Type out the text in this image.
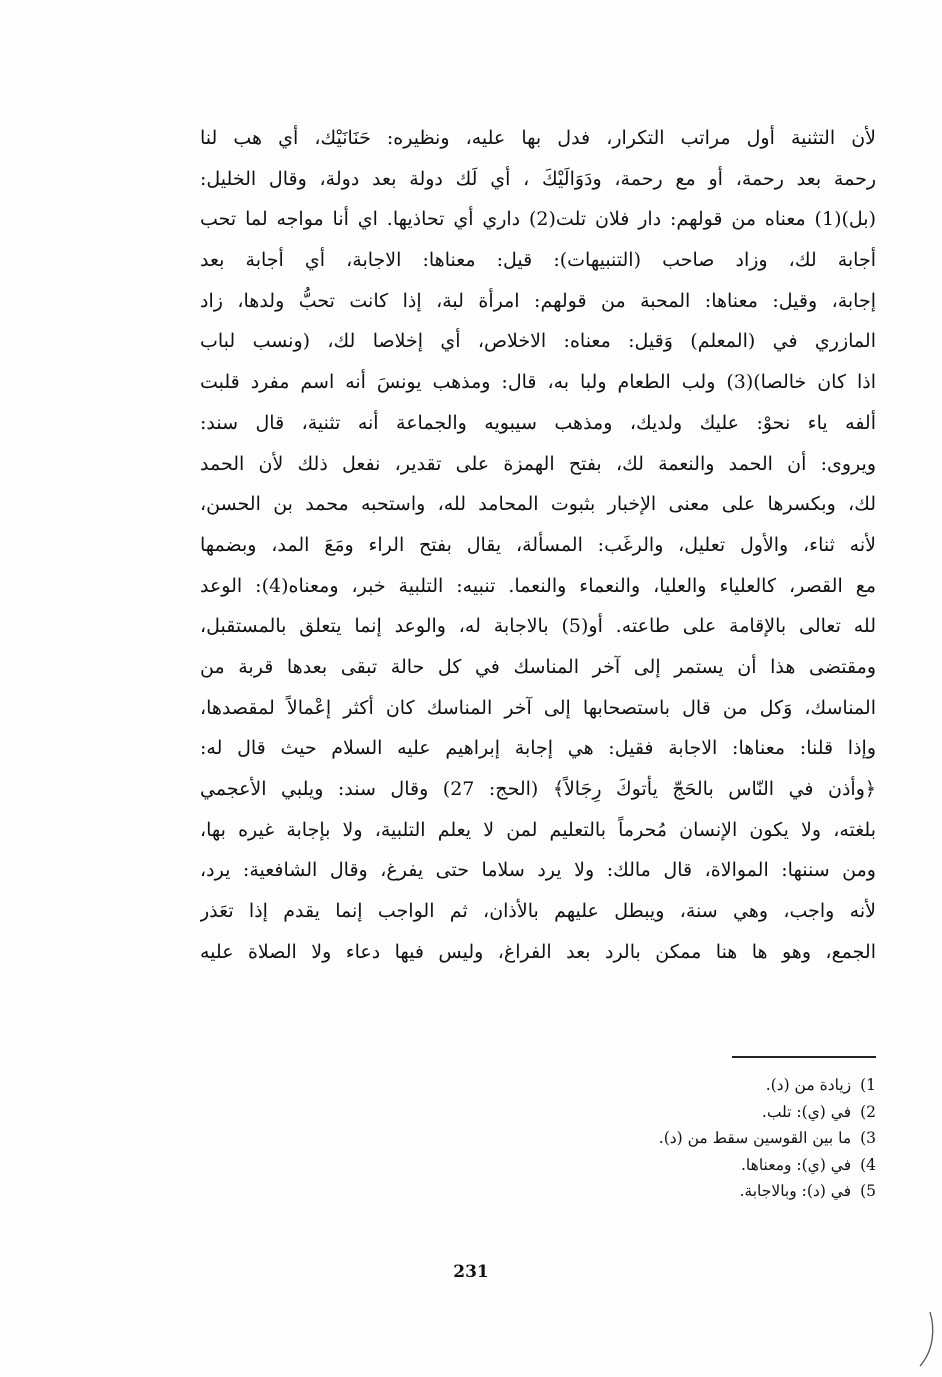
لأن التثنية أول مراتب التكرار، فدل بها عليه، ونظيره: حَنَانَيْك، أي هب لنا
رحمة بعد رحمة، أو مع رحمة، ودَوَالَيْكَ ، أي لَك دولة بعد دولة، وقال الخليل:
(بل)(1) معناه من قولهم: دار فلان تلت(2) داري أي تحاذيها. اي أنا مواجه لما تحب
أجابة لك، وزاد صاحب (التنبيهات): قيل: معناها: الاجابة، أي أجابة بعد
إجابة، وقيل: معناها: المحبة من قولهم: امرأة لبة، إذا كانت تحبُّ ولدها، زاد
المازري في (المعلم) وَقيل: معناه: الاخلاص، أي إخلاصا لك، (ونسب لباب
اذا كان خالصا)(3) ولب الطعام ولبا به، قال: ومذهب يونسَ أنه اسم مفرد قلبت
ألفه ياء نحوْ: عليك ولديك، ومذهب سيبويه والجماعة أنه تثنية، قال سند:
ويروى: أن الحمد والنعمة لك، بفتح الهمزة على تقدير، نفعل ذلك لأن الحمد
لك، وبكسرها على معنى الإخبار بثبوت المحامد لله، واستحبه محمد بن الحسن،
لأنه ثناء، والأول تعليل، والرغَب: المسألة، يقال بفتح الراء ومَعَ المد، وبضمها
مع القصر، كالعلياء والعليا، والنعماء والنعما. تنبيه: التلبية خبر، ومعناه(4): الوعد
لله تعالى بالإقامة على طاعته. أو(5) بالاجابة له، والوعد إنما يتعلق بالمستقبل،
ومقتضى هذا أن يستمر إلى آخر المناسك في كل حالة تبقى بعدها قربة من
المناسك، وَكل من قال باستصحابها إلى آخر المناسك كان أكثر إعْمالاً لمقصدها،
وإذا قلنا: معناها: الاجابة فقيل: هي إجابة إبراهيم عليه السلام حيث قال له:
﴿وأذن في النّاس بالحَجّ يأتوكَ رِجَالاً﴾ (الحج: 27) وقال سند: ويلبي الأعجمي
بلغته، ولا يكون الإنسان مُحرماً بالتعليم لمن لا يعلم التلبية، ولا بإجابة غيره بها،
ومن سننها: الموالاة، قال مالك: ولا يرد سلاما حتى يفرغ، وقال الشافعية: يرد،
لأنه واجب، وهي سنة، ويبطل عليهم بالأذان، ثم الواجب إنما يقدم إذا تعَذر
الجمع، وهو ها هنا ممكن بالرد بعد الفراغ، وليس فيها دعاء ولا الصلاة عليه
1) زيادة من (د).
2) في (ي): تلب.
3) ما بين القوسين سقط من (د).
4) في (ي): ومعناها.
5) في (د): وبالاجابة.
231
